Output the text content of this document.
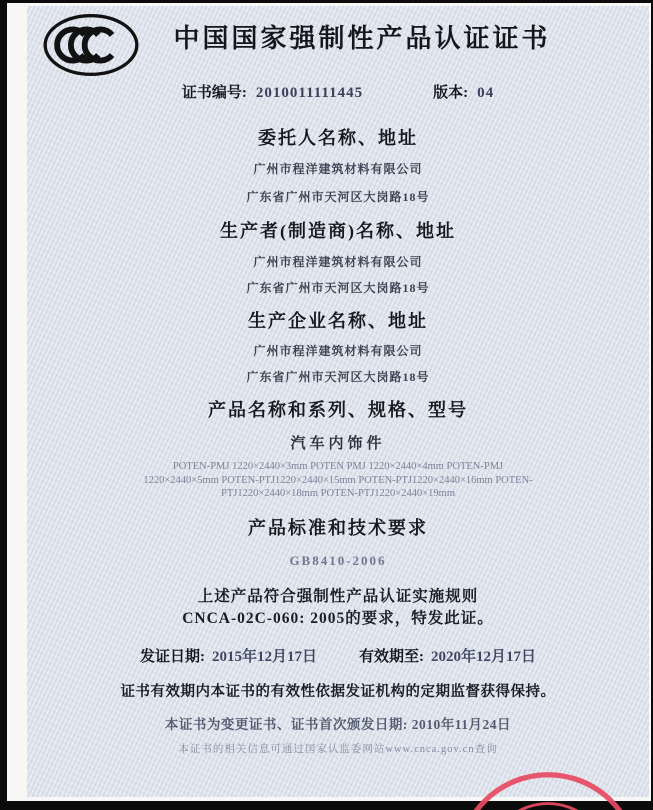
中国国家强制性产品认证证书
证书编号: 2010011111445	版本: 04
委托人名称、地址
广州市程洋建筑材料有限公司
广东省广州市天河区大岗路18号
生产者(制造商)名称、地址
广州市程洋建筑材料有限公司
广东省广州市天河区大岗路18号
生产企业名称、地址
广州市程洋建筑材料有限公司
广东省广州市天河区大岗路18号
产品名称和系列、规格、型号
汽车内饰件
POTEN-PMJ 1220×2440×3mm POTEN PMJ 1220×2440×4mm POTEN-PMJ
1220×2440×5mm POTEN-PTJ1220×2440×15mm POTEN-PTJ1220×2440×16mm POTEN-
PTJ1220×2440×18mm POTEN-PTJ1220×2440×19mm
产品标准和技术要求
GB8410-2006
上述产品符合强制性产品认证实施规则
CNCA-02C-060: 2005的要求，特发此证。
发证日期: 2015年12月17日	有效期至: 2020年12月17日
证书有效期内本证书的有效性依据发证机构的定期监督获得保持。
本证书为变更证书、证书首次颁发日期: 2010年11月24日
本证书的相关信息可通过国家认监委网站www.cnca.gov.cn查询
